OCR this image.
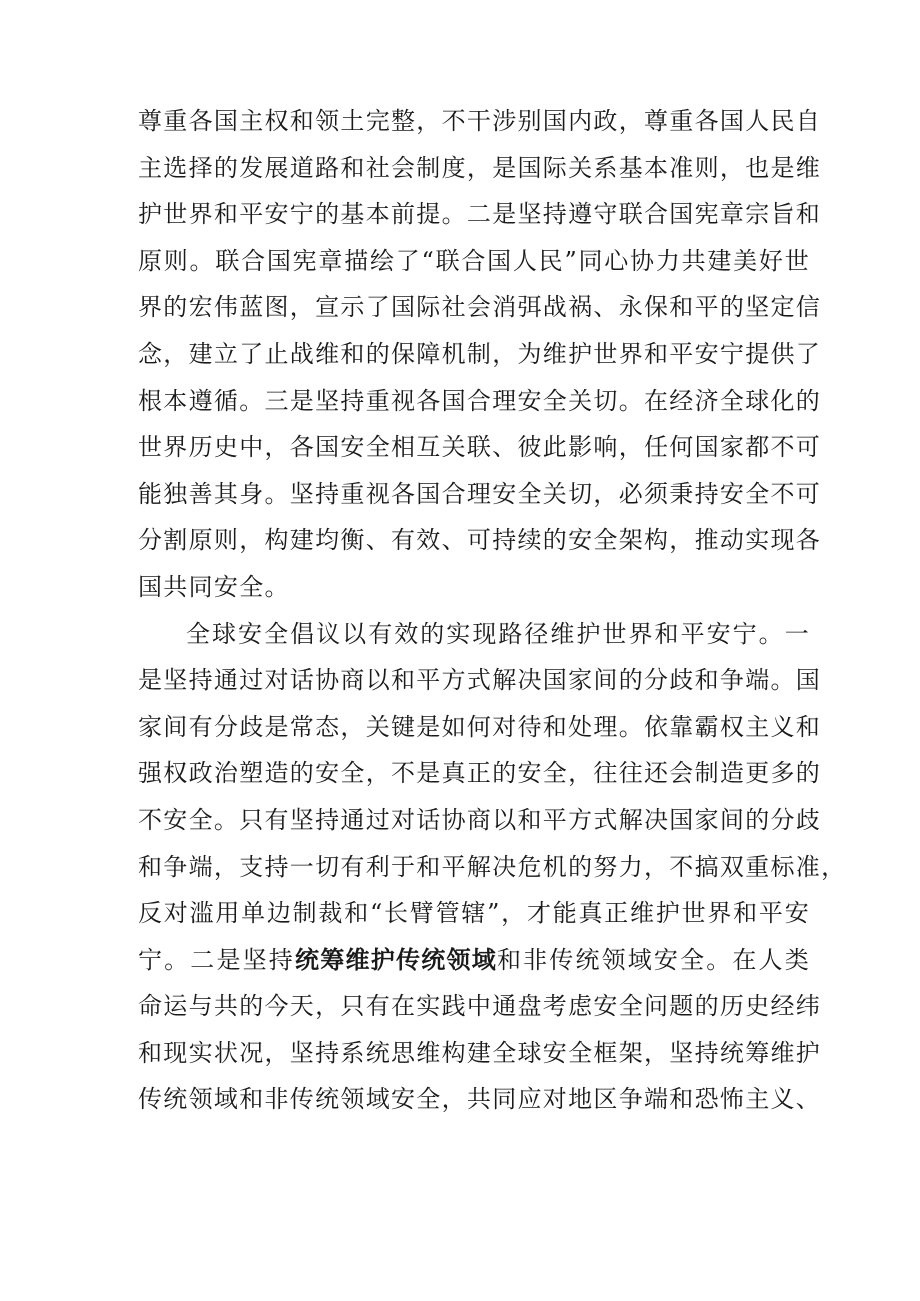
尊重各国主权和领土完整，不干涉别国内政，尊重各国人民自
主选择的发展道路和社会制度，是国际关系基本准则，也是维
护世界和平安宁的基本前提。二是坚持遵守联合国宪章宗旨和
原则。联合国宪章描绘了“联合国人民”同心协力共建美好世
界的宏伟蓝图，宣示了国际社会消弭战祸、永保和平的坚定信
念，建立了止战维和的保障机制，为维护世界和平安宁提供了
根本遵循。三是坚持重视各国合理安全关切。在经济全球化的
世界历史中，各国安全相互关联、彼此影响，任何国家都不可
能独善其身。坚持重视各国合理安全关切，必须秉持安全不可
分割原则，构建均衡、有效、可持续的安全架构，推动实现各
国共同安全。
全球安全倡议以有效的实现路径维护世界和平安宁。一
是坚持通过对话协商以和平方式解决国家间的分歧和争端。国
家间有分歧是常态，关键是如何对待和处理。依靠霸权主义和
强权政治塑造的安全，不是真正的安全，往往还会制造更多的
不安全。只有坚持通过对话协商以和平方式解决国家间的分歧
和争端，支持一切有利于和平解决危机的努力，不搞双重标准，
反对滥用单边制裁和“长臂管辖”，才能真正维护世界和平安
宁。二是坚持统筹维护传统领域和非传统领域安全。在人类
命运与共的今天，只有在实践中通盘考虑安全问题的历史经纬
和现实状况，坚持系统思维构建全球安全框架，坚持统筹维护
传统领域和非传统领域安全，共同应对地区争端和恐怖主义、
